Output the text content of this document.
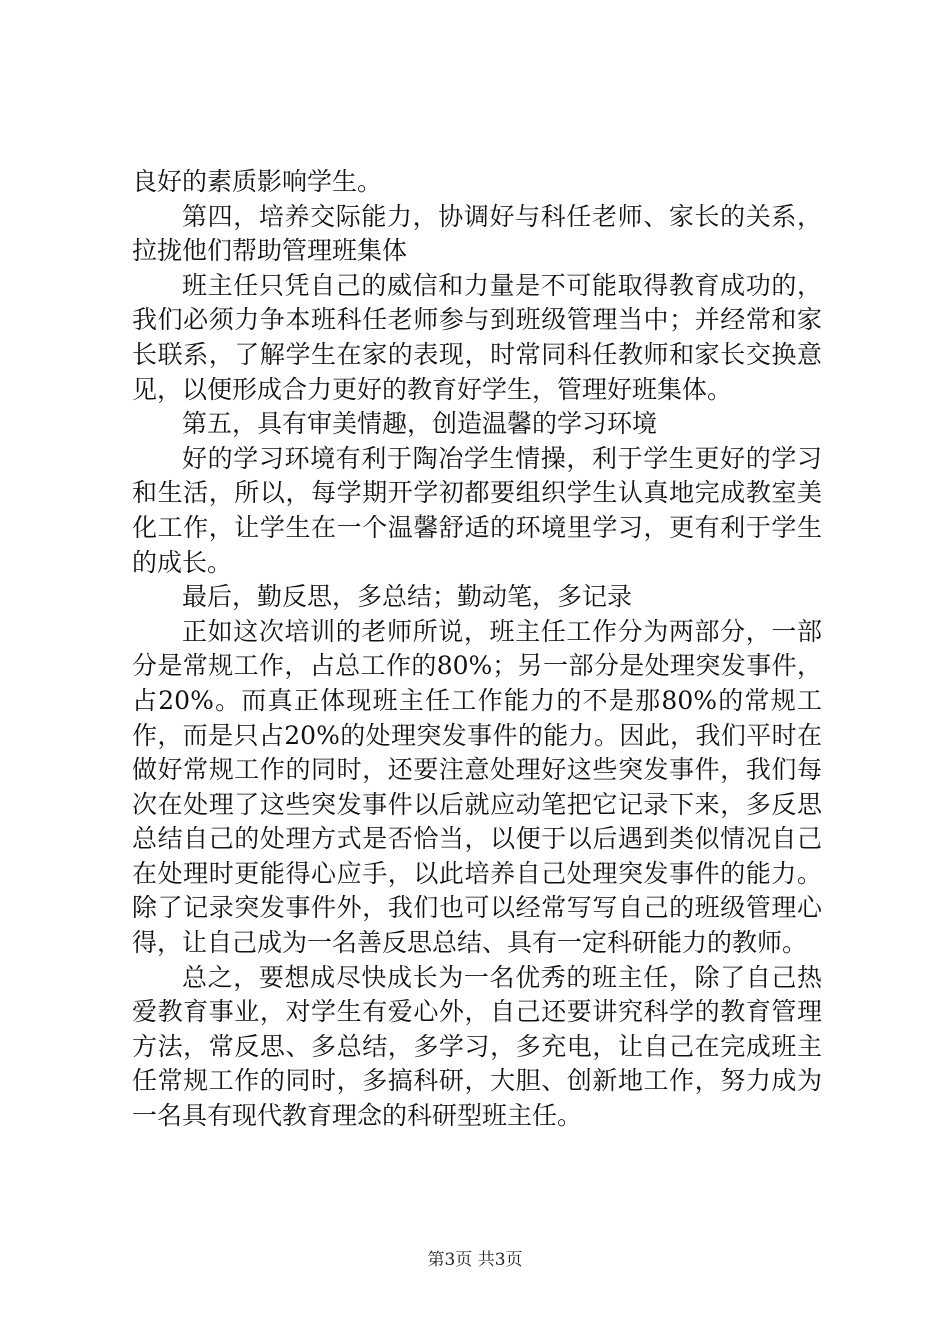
良好的素质影响学生。

第四，培养交际能力，协调好与科任老师、家长的关系，拉拢他们帮助管理班集体

班主任只凭自己的威信和力量是不可能取得教育成功的，我们必须力争本班科任老师参与到班级管理当中；并经常和家长联系，了解学生在家的表现，时常同科任教师和家长交换意见，以便形成合力更好的教育好学生，管理好班集体。

第五，具有审美情趣，创造温馨的学习环境

好的学习环境有利于陶冶学生情操，利于学生更好的学习和生活，所以，每学期开学初都要组织学生认真地完成教室美化工作，让学生在一个温馨舒适的环境里学习，更有利于学生的成长。

最后，勤反思，多总结；勤动笔，多记录

正如这次培训的老师所说，班主任工作分为两部分，一部分是常规工作，占总工作的80%；另一部分是处理突发事件，占20%。而真正体现班主任工作能力的不是那80%的常规工作，而是只占20%的处理突发事件的能力。因此，我们平时在做好常规工作的同时，还要注意处理好这些突发事件，我们每次在处理了这些突发事件以后就应动笔把它记录下来，多反思总结自己的处理方式是否恰当，以便于以后遇到类似情况自己在处理时更能得心应手，以此培养自己处理突发事件的能力。除了记录突发事件外，我们也可以经常写写自己的班级管理心得，让自己成为一名善反思总结、具有一定科研能力的教师。

总之，要想成尽快成长为一名优秀的班主任，除了自己热爱教育事业，对学生有爱心外，自己还要讲究科学的教育管理方法，常反思、多总结，多学习，多充电，让自己在完成班主任常规工作的同时，多搞科研，大胆、创新地工作，努力成为一名具有现代教育理念的科研型班主任。

第3页 共3页
